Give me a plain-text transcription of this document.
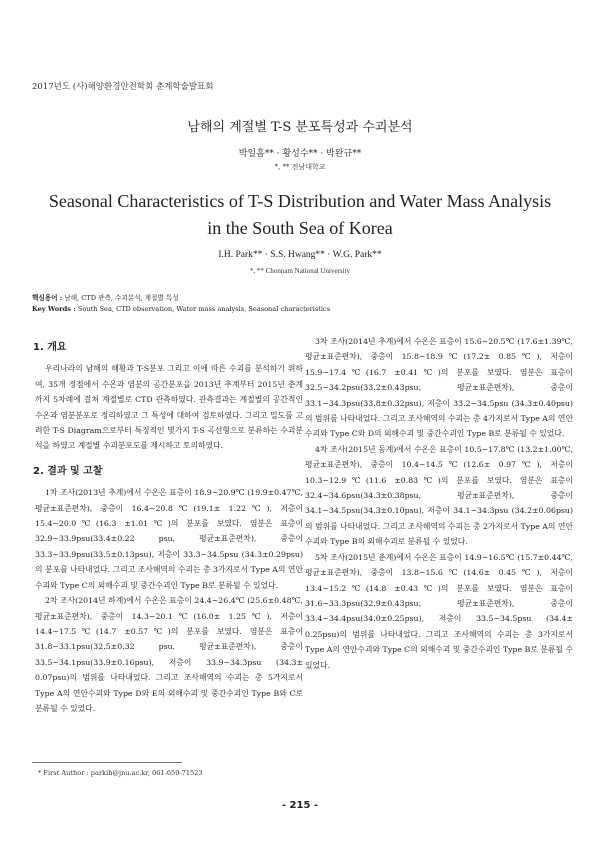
2017년도 (사)해양환경안전학회 춘계학술발표회
남해의 계절별 T-S 분포특성과 수괴분석
박일흠** · 황성수** · 박완규**
*, ** 전남대학교
Seasonal Characteristics of T-S Distribution and Water Mass Analysis in the South Sea of Korea
I.H. Park** · S.S. Hwang** · W.G. Park**
*, ** Chonnam National University
핵심용어 : 남해, CTD 관측, 수괴분석, 계절별 특성
Key Words : South Sea, CTD observation, Water mass analysis, Seasonal characteristics
1. 개요

우리나라의 남해의 해황과 T-S분포 그리고 이에 따른 수괴를 분석하기 위하여, 35개 정점에서 수온과 염분의 공간분포을 2013년 추계부터 2015년 춘계까지 5차례에 걸쳐 계절별로 CTD 관측하였다. 관측결과는 계절별의 공간적인 수온과 염분분포로 정리하였고 그 특성에 대하여 검토하였다. 그리고 밀도를 고려한 T-S Diagram으로부터 특징적인 몇가지 T-S 곡선형으로 분류하는 수괴분석을 하였고 계절별 수괴분포도를 제시하고 토의하였다.

2. 결과 및 고찰

1차 조사(2013년 추계)에서 수온은 표층이 18.9~20.9℃ (19.9±0.47℃, 평균±표준편차), 중층이 16.4~20.8℃(19.1± 1.22℃), 저층이 15.4~20.0℃(16.3 ±1.01℃)의 분포를 보였다. 염분은 표층이 32.9~33.9psu(33.4±0.22 psu, 평균±표준편차), 중층이 33.3~33.9psu(33.5±0.13psu), 저층이 33.3~34.5psu (34.3±0.29psu)의 분포를 나타내었다. 그리고 조사해역의 수괴는 총 3가지로서 Type A의 연안수괴와 Type C의 외해수괴 및 중간수괴인 Type B로 분류될 수 있었다.

2차 조사(2014년 하계)에서 수온은 표층이 24.4~26.4℃ (25.6±0.48℃, 평균±표준편차), 중층이 14.3~20.1℃(16.0± 1.25℃), 저층이 14.4~17.5℃(14.7 ±0.57℃)의 분포를 보였다. 염분은 표층이 31.8~33.1psu(32.5±0.32 psu, 평균±표준편차), 중층이 33.5~34.1psu(33.9±0.16psu), 저층이 33.9~34.3psu (34.3± 0.07psu)의 범위를 나타내었다. 그리고 조사해역의 수괴는 총 5가지로서 Type A의 연안수괴와 Type D와 E의 외해수괴 및 중간수괴인 Type B와 C로 분류될 수 있었다.

3차 조사(2014년 추계)에서 수온은 표층이 15.6~20.5℃ (17.6±1.39℃, 평균±표준편차), 중층이 15.8~18.9℃(17.2± 0.85℃), 저층이 15.9~17.4℃(16.7 ±0.41℃)의 분포를 보였다. 염분은 표층이 32.5~34.2psu(33.2±0.43psu, 평균±표준편차), 중층이 33.1~34.3psu(33.8±0.32psu), 저층이 33.2~34.5psu (34.3±0.40psu)의 범위를 나타내었다. 그리고 조사해역의 수괴는 총 4가지로서 Type A의 연안수괴와 Type C와 D의 외해수괴 및 중간수괴인 Type B로 분류될 수 있었다.

4차 조사(2015년 동계)에서 수온은 표층이 10.5~17.8℃ (13.2±1.00℃, 평균±표준편차), 중층이 10.4~14.5℃(12.6± 0.97℃), 저층이 10.3~12.9℃(11.6 ±0.83℃)의 분포를 보였다. 염분은 표층이 32.4~34.6psu(34.3±0.38psu, 평균±표준편차), 중층이 34.1~34.5psu(34.3±0.10psu), 저층이 34.1~34.3psu (34.2±0.06psu)의 범위를 나타내었다. 그리고 조사해역의 수괴는 총 2가지로서 Type A의 연안수괴와 Type B의 외해수괴로 분류될 수 있었다.

5차 조사(2015년 춘계)에서 수온은 표층이 14.9~16.5℃ (15.7±0.44℃, 평균±표준편차), 중층이 13.8~15.6℃(14.6± 0.45℃), 저층이 13.4~15.2℃(14.8 ±0.43℃)의 분포를 보였다. 염분은 표층이 31.6~33.3psu(32.9±0.43psu, 평균±표준편차), 중층이 33.4~34.4psu(34.0±0.25psu), 저층이 33.5~34.5psu (34.4± 0.25psu)의 범위를 나타내었다. 그리고 조사해역의 수괴는 총 3가지로서 Type A의 연안수괴와 Type C의 외해수괴 및 중간수괴인 Type B로 분류될 수 있었다.

* First Author : parkih@jnu.ac.kr, 061-659-71523
- 215 -
